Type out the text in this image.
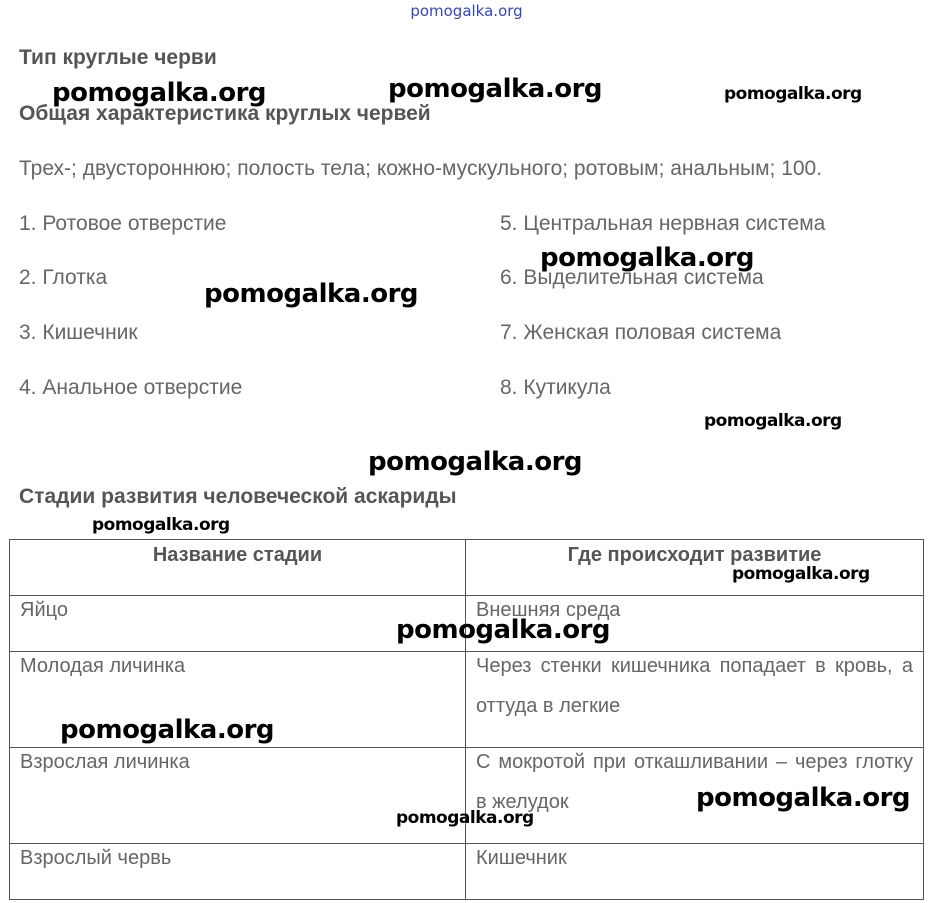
pomogalka.org
Тип круглые черви
Общая характеристика круглых червей
Трех-; двустороннюю; полость тела; кожно-мускульного; ротовым; анальным; 100.
1. Ротовое отверстие
2. Глотка
3. Кишечник
4. Анальное отверстие
5. Центральная нервная система
6. Выделительная система
7. Женская половая система
8. Кутикула
Стадии развития человеческой аскариды
Название стадии	Где происходит развитие

Яйцо	Внешняя среда

Молодая личинка	Через стенки кишечника попадает в кровь, а оттуда в легкие

Взрослая личинка	С мокротой при откашливании – через глотку в желудок

Взрослый червь	Кишечник
pomogalka.org	pomogalka.org	pomogalka.org
pomogalka.org
pomogalka.org
pomogalka.org
pomogalka.org
pomogalka.org
pomogalka.org
pomogalka.org
pomogalka.org
pomogalka.org
pomogalka.org
